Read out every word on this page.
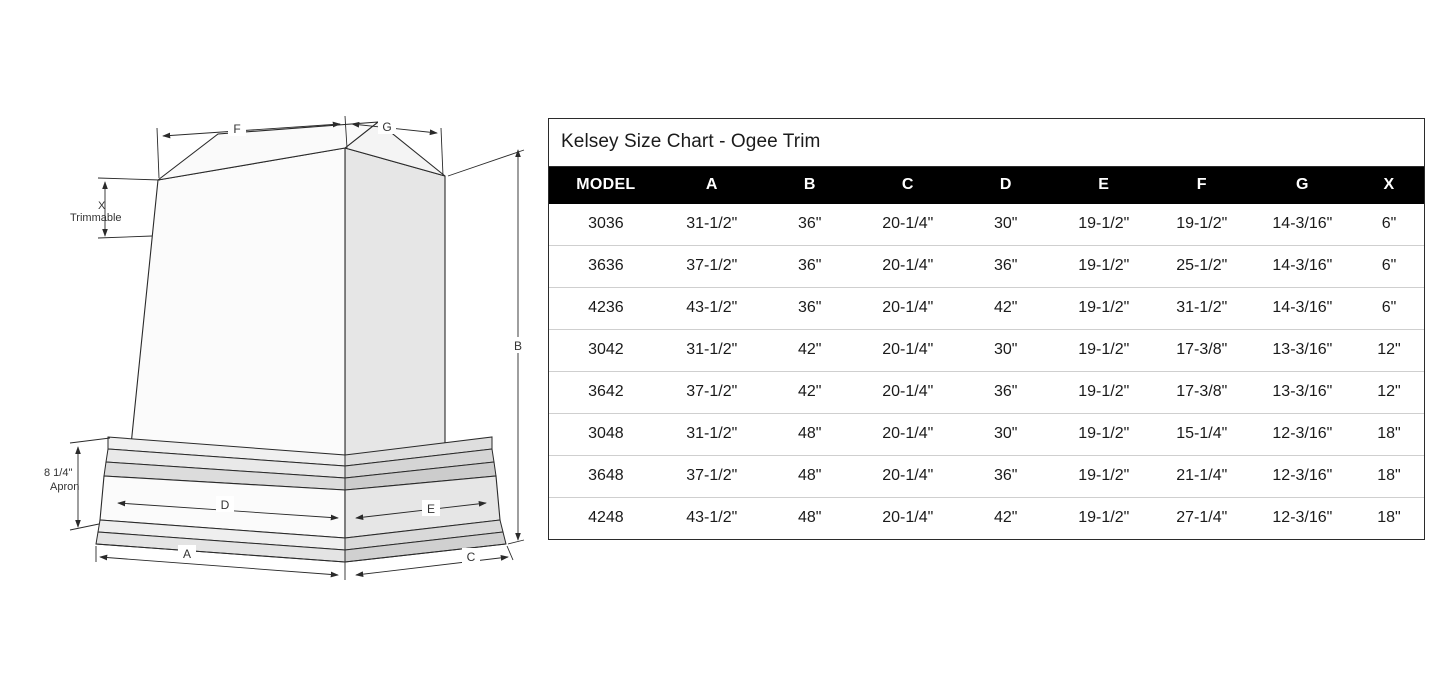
F	G
X
Trimmable
B
8 1/4"
Apron
D	E
A	C
Kelsey Size Chart - Ogee Trim
MODEL	A	B	C	D	E	F	G	X
3036	31-1/2"	36"	20-1/4"	30"	19-1/2"	19-1/2"	14-3/16"	6"
3636	37-1/2"	36"	20-1/4"	36"	19-1/2"	25-1/2"	14-3/16"	6"
4236	43-1/2"	36"	20-1/4"	42"	19-1/2"	31-1/2"	14-3/16"	6"
3042	31-1/2"	42"	20-1/4"	30"	19-1/2"	17-3/8"	13-3/16"	12"
3642	37-1/2"	42"	20-1/4"	36"	19-1/2"	17-3/8"	13-3/16"	12"
3048	31-1/2"	48"	20-1/4"	30"	19-1/2"	15-1/4"	12-3/16"	18"
3648	37-1/2"	48"	20-1/4"	36"	19-1/2"	21-1/4"	12-3/16"	18"
4248	43-1/2"	48"	20-1/4"	42"	19-1/2"	27-1/4"	12-3/16"	18"
